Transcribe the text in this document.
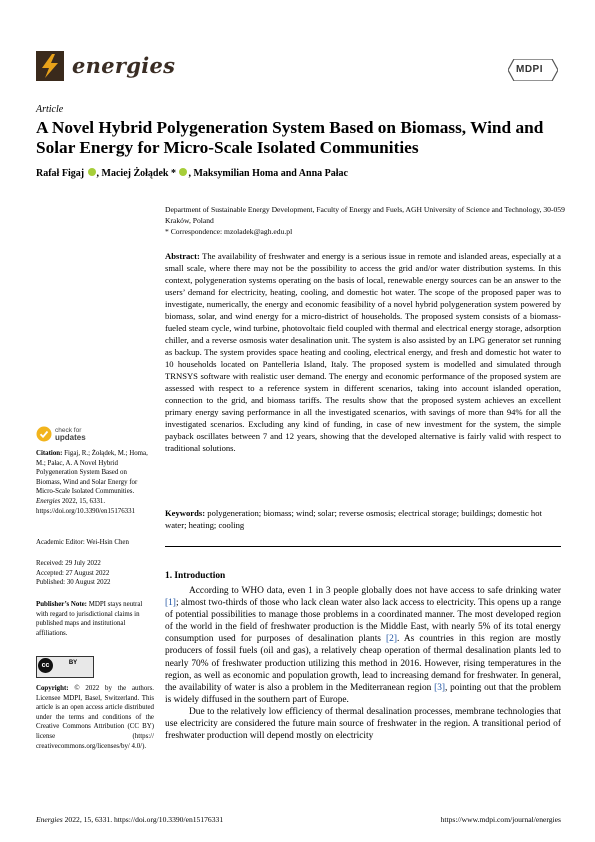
energies	MDPI
Article
A Novel Hybrid Polygeneration System Based on Biomass, Wind and Solar Energy for Micro-Scale Isolated Communities
Rafał Figaj , Maciej Żołądek * , Maksymilian Homa and Anna Pałac
Department of Sustainable Energy Development, Faculty of Energy and Fuels, AGH University of Science and Technology, 30-059 Kraków, Poland
* Correspondence: mzoladek@agh.edu.pl
Abstract: The availability of freshwater and energy is a serious issue in remote and islanded areas, especially at a small scale, where there may not be the possibility to access the grid and/or water distribution systems. In this context, polygeneration systems operating on the basis of local, renewable energy sources can be an answer to the users’ demand for electricity, heating, cooling, and domestic hot water. The scope of the proposed paper was to investigate, numerically, the energy and economic feasibility of a novel hybrid polygeneration system powered by biomass, solar, and wind energy for a micro-district of households. The proposed system consists of a biomass-fueled steam cycle, wind turbine, photovoltaic field coupled with thermal and electrical energy storage, adsorption chiller, and a reverse osmosis water desalination unit. The system is also assisted by an LPG generator set running as backup. The system provides space heating and cooling, electrical energy, and fresh and domestic hot water to 10 households located on Pantelleria Island, Italy. The proposed system is modelled and simulated through TRNSYS software with realistic user demand. The energy and economic performance of the proposed system are assessed with respect to a reference system in different scenarios, taking into account islanded operation, connection to the grid, and biomass tariffs. The results show that the proposed system achieves an excellent primary energy saving performance in all the investigated scenarios, with savings of more than 94% for all the investigated scenarios. Excluding any kind of funding, in case of new investment for the system, the simple payback oscillates between 7 and 12 years, showing that the developed alternative is fairly valid with respect to traditional solutions.
Keywords: polygeneration; biomass; wind; solar; reverse osmosis; electrical storage; buildings; domestic hot water; heating; cooling
check for
updates
Citation: Figaj, R.; Żołądek, M.; Homa, M.; Pałac, A. A Novel Hybrid Polygeneration System Based on Biomass, Wind and Solar Energy for Micro-Scale Isolated Communities. Energies 2022, 15, 6331. https://doi.org/10.3390/en15176331
Academic Editor: Wei-Hsin Chen
Received: 29 July 2022
Accepted: 27 August 2022
Published: 30 August 2022
Publisher’s Note: MDPI stays neutral with regard to jurisdictional claims in published maps and institutional affiliations.
cc	BY
Copyright: © 2022 by the authors. Licensee MDPI, Basel, Switzerland. This article is an open access article distributed under the terms and conditions of the Creative Commons Attribution (CC BY) license (https:// creativecommons.org/licenses/by/ 4.0/).
1. Introduction

According to WHO data, even 1 in 3 people globally does not have access to safe drinking water [1]; almost two-thirds of those who lack clean water also lack access to electricity. This opens up a range of potential possibilities to manage those problems in a coordinated manner. The most developed region of the world in the field of freshwater production is the Middle East, with nearly 5% of its total energy consumption used for purposes of desalination plants [2]. As countries in this region are mostly producers of fossil fuels (oil and gas), a relatively cheap operation of thermal desalination plants led to nearly 70% of freshwater production utilizing this method in 2016. However, rising temperatures in the region, as well as economic and population growth, lead to increasing demand for freshwater. In general, the availability of water is also a problem in the Mediterranean region [3], pointing out that the problem is widely diffused in the southern part of Europe.

Due to the relatively low efficiency of thermal desalination processes, membrane technologies that use electricity are considered the future main source of freshwater in the region. A transitional period of freshwater production will depend mostly on electricity

Energies 2022, 15, 6331. https://doi.org/10.3390/en15176331	https://www.mdpi.com/journal/energies
